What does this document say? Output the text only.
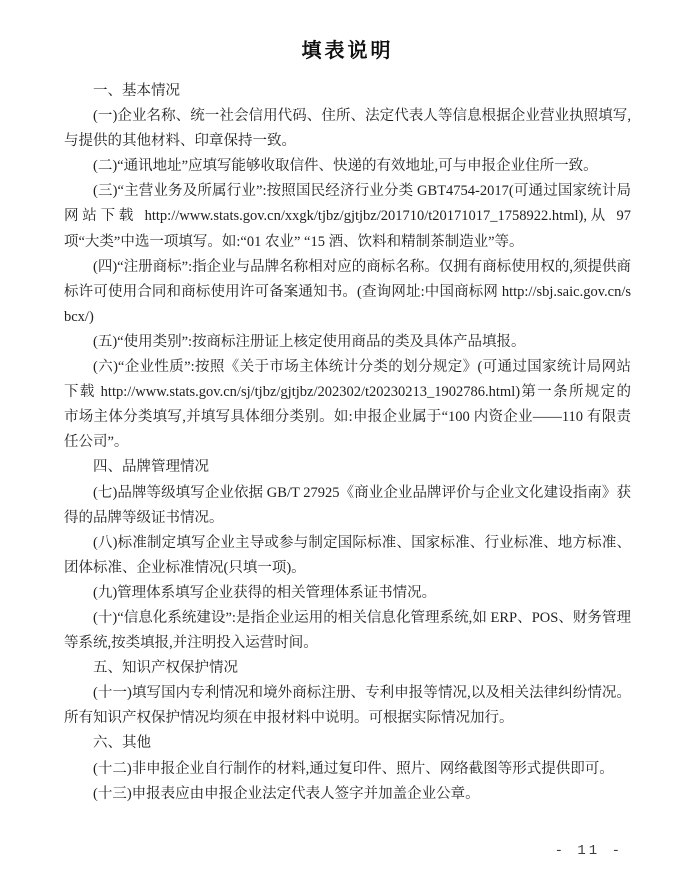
填表说明

一、基本情况

(一)企业名称、统一社会信用代码、住所、法定代表人等信息根据企业营业执照填写,与提供的其他材料、印章保持一致。

(二)“通讯地址”应填写能够收取信件、快递的有效地址,可与申报企业住所一致。

(三)“主营业务及所属行业”:按照国民经济行业分类 GBT4754-2017(可通过国家统计局网站下载 http://www.stats.gov.cn/xxgk/tjbz/gjtjbz/201710/t20171017_1758922.html),从 97 项“大类”中选一项填写。如:“01 农业” “15 酒、饮料和精制茶制造业”等。

(四)“注册商标”:指企业与品牌名称相对应的商标名称。仅拥有商标使用权的,须提供商标许可使用合同和商标使用许可备案通知书。(查询网址:中国商标网 http://sbj.saic.gov.cn/sbcx/)

(五)“使用类别”:按商标注册证上核定使用商品的类及具体产品填报。

(六)“企业性质”:按照《关于市场主体统计分类的划分规定》(可通过国家统计局网站下载 http://www.stats.gov.cn/sj/tjbz/gjtjbz/202302/t20230213_1902786.html)第一条所规定的市场主体分类填写,并填写具体细分类别。如:申报企业属于“100 内资企业——110 有限责任公司”。

四、品牌管理情况

(七)品牌等级填写企业依据 GB/T 27925《商业企业品牌评价与企业文化建设指南》获得的品牌等级证书情况。

(八)标准制定填写企业主导或参与制定国际标准、国家标准、行业标准、地方标准、团体标准、企业标准情况(只填一项)。

(九)管理体系填写企业获得的相关管理体系证书情况。

(十)“信息化系统建设”:是指企业运用的相关信息化管理系统,如 ERP、POS、财务管理等系统,按类填报,并注明投入运营时间。

五、知识产权保护情况

(十一)填写国内专利情况和境外商标注册、专利申报等情况,以及相关法律纠纷情况。所有知识产权保护情况均须在申报材料中说明。可根据实际情况加行。

六、其他

(十二)非申报企业自行制作的材料,通过复印件、照片、网络截图等形式提供即可。

(十三)申报表应由申报企业法定代表人签字并加盖企业公章。

- 11 -
